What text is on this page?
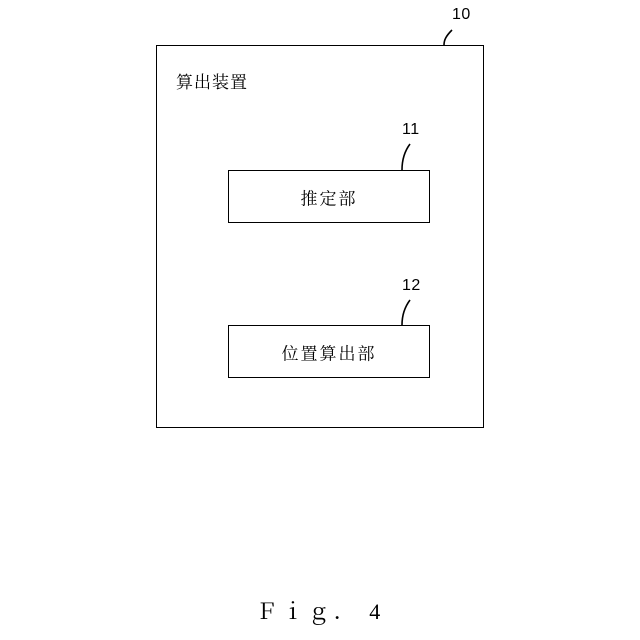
算出装置
10
推定部
11
位置算出部
12
Ｆｉｇ． 4
